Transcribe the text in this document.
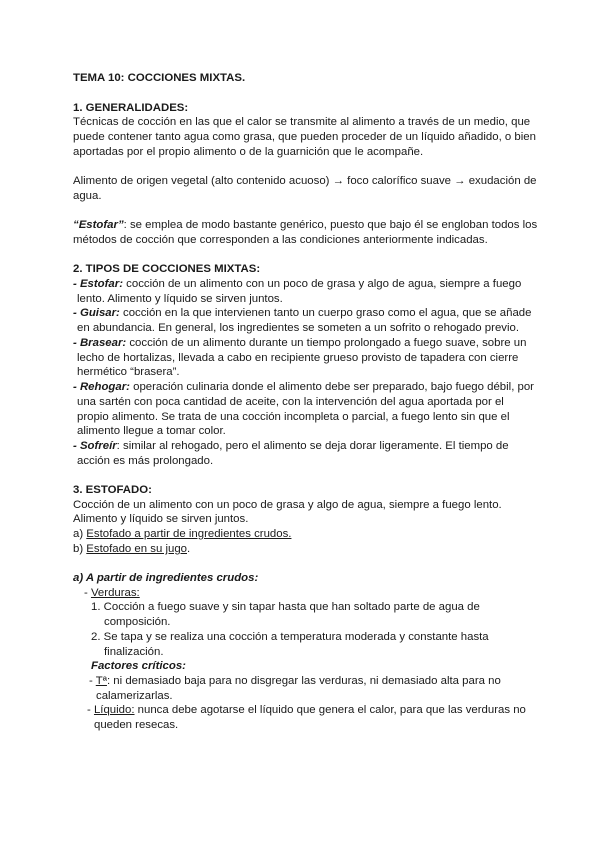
TEMA 10: COCCIONES MIXTAS.
1. GENERALIDADES:
Técnicas de cocción en las que el calor se transmite al alimento a través de un medio, que
puede contener tanto agua como grasa, que pueden proceder de un líquido añadido, o bien
aportadas por el propio alimento o de la guarnición que le acompañe.
Alimento de origen vegetal (alto contenido acuoso) → foco calorífico suave → exudación de
agua.
“Estofar”: se emplea de modo bastante genérico, puesto que bajo él se engloban todos los
métodos de cocción que corresponden a las condiciones anteriormente indicadas.
2. TIPOS DE COCCIONES MIXTAS:
- Estofar: cocción de un alimento con un poco de grasa y algo de agua, siempre a fuego
lento. Alimento y líquido se sirven juntos.
- Guisar: cocción en la que intervienen tanto un cuerpo graso como el agua, que se añade
en abundancia. En general, los ingredientes se someten a un sofrito o rehogado previo.
- Brasear: cocción de un alimento durante un tiempo prolongado a fuego suave, sobre un
lecho de hortalizas, llevada a cabo en recipiente grueso provisto de tapadera con cierre
hermético “brasera”.
- Rehogar: operación culinaria donde el alimento debe ser preparado, bajo fuego débil, por
una sartén con poca cantidad de aceite, con la intervención del agua aportada por el
propio alimento. Se trata de una cocción incompleta o parcial, a fuego lento sin que el
alimento llegue a tomar color.
- Sofreír: similar al rehogado, pero el alimento se deja dorar ligeramente. El tiempo de
acción es más prolongado.
3. ESTOFADO:
Cocción de un alimento con un poco de grasa y algo de agua, siempre a fuego lento.
Alimento y líquido se sirven juntos.
a) Estofado a partir de ingredientes crudos.
b) Estofado en su jugo.
a) A partir de ingredientes crudos:
- Verduras:
1. Cocción a fuego suave y sin tapar hasta que han soltado parte de agua de
composición.
2. Se tapa y se realiza una cocción a temperatura moderada y constante hasta
finalización.
Factores críticos:
- Tª: ni demasiado baja para no disgregar las verduras, ni demasiado alta para no
calamerizarlas.
- Líquido: nunca debe agotarse el líquido que genera el calor, para que las verduras no
queden resecas.
